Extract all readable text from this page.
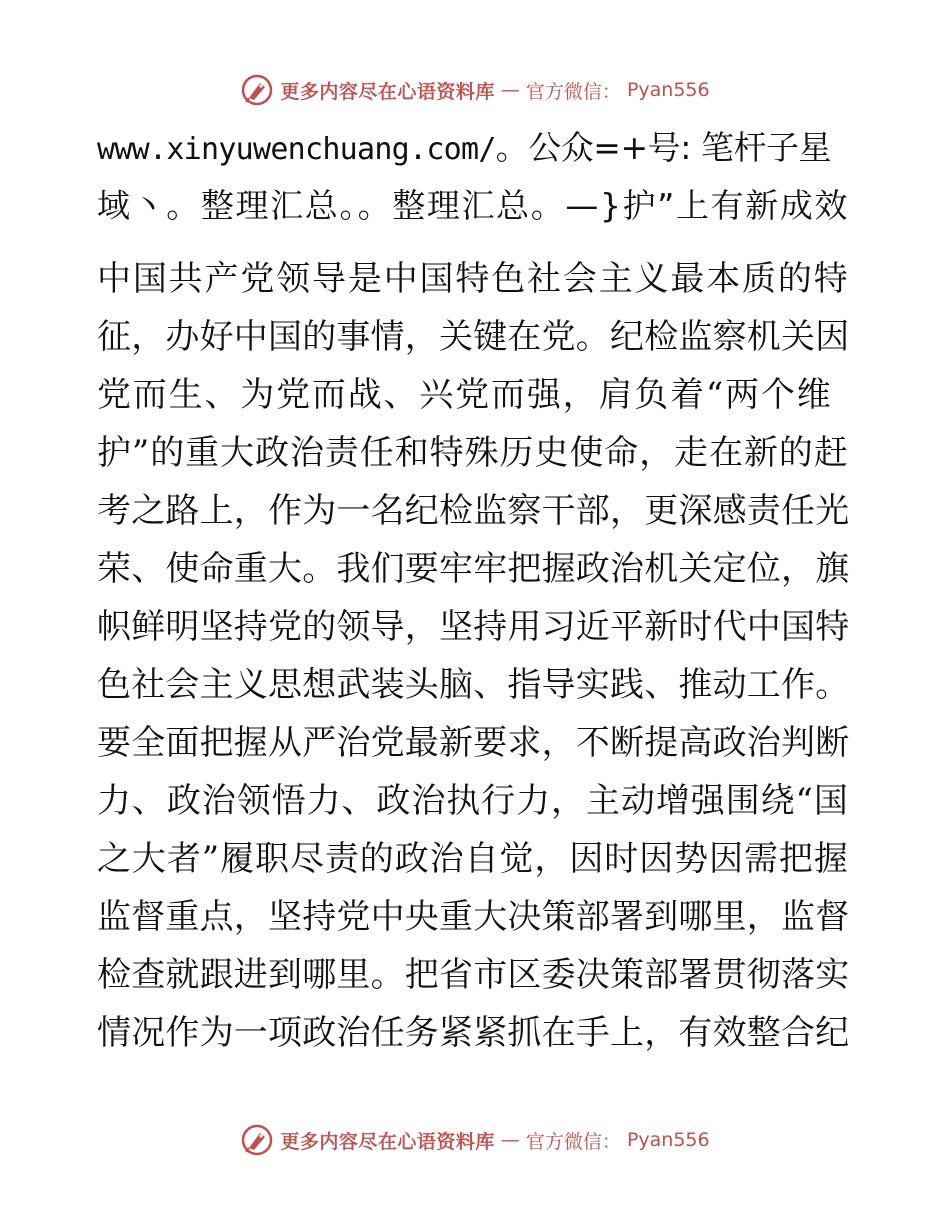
更多内容尽在心语资料库 — 官方微信： Pyan556
www.xinyuwenchuang.com/。公众=+号: 笔杆子星
域丶。整理汇总。。整理汇总。—}护”上有新成效
中国共产党领导是中国特色社会主义最本质的特
征，办好中国的事情，关键在党。纪检监察机关因
党而生、为党而战、兴党而强，肩负着“两个维
护”的重大政治责任和特殊历史使命，走在新的赶
考之路上，作为一名纪检监察干部，更深感责任光
荣、使命重大。我们要牢牢把握政治机关定位，旗
帜鲜明坚持党的领导，坚持用习近平新时代中国特
色社会主义思想武装头脑、指导实践、推动工作。
要全面把握从严治党最新要求，不断提高政治判断
力、政治领悟力、政治执行力，主动增强围绕“国
之大者”履职尽责的政治自觉，因时因势因需把握
监督重点，坚持党中央重大决策部署到哪里，监督
检查就跟进到哪里。把省市区委决策部署贯彻落实
情况作为一项政治任务紧紧抓在手上，有效整合纪
更多内容尽在心语资料库 — 官方微信： Pyan556
